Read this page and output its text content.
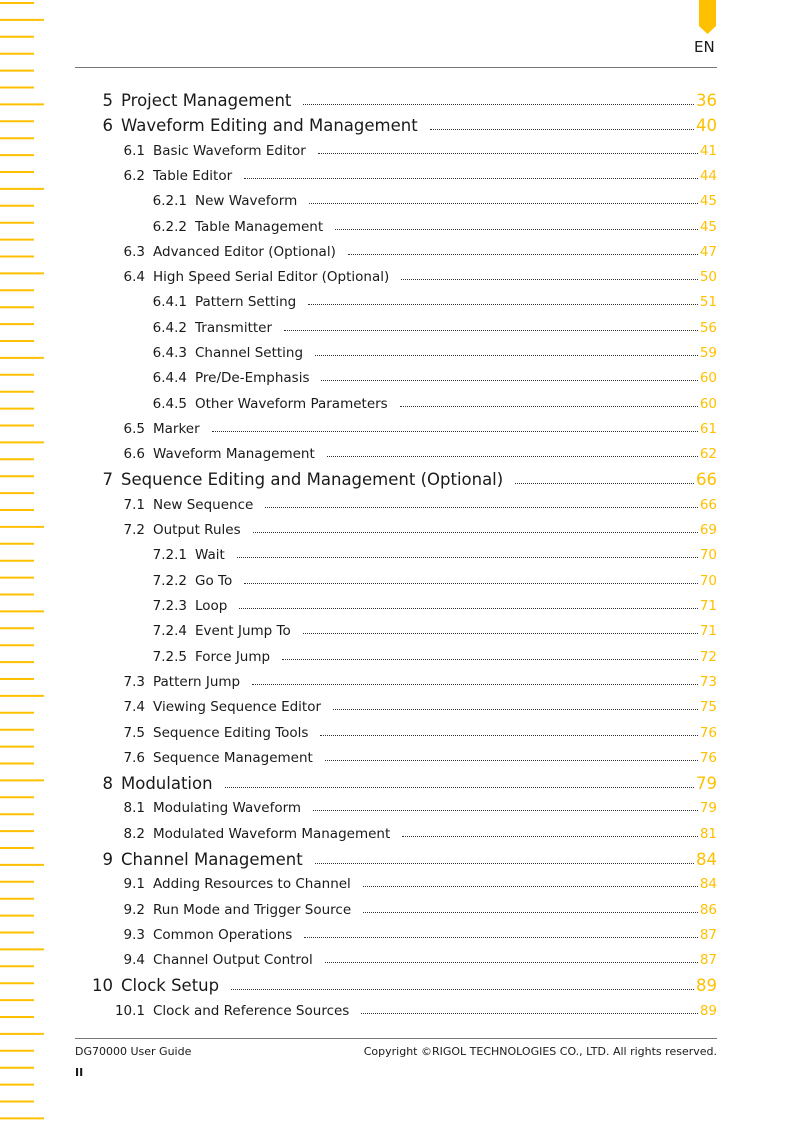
EN
5 Project Management	36
6 Waveform Editing and Management	40
6.1 Basic Waveform Editor	41
6.2 Table Editor	44
6.2.1 New Waveform	45
6.2.2 Table Management	45
6.3 Advanced Editor (Optional)	47
6.4 High Speed Serial Editor (Optional)	50
6.4.1 Pattern Setting	51
6.4.2 Transmitter	56
6.4.3 Channel Setting	59
6.4.4 Pre/De-Emphasis	60
6.4.5 Other Waveform Parameters	60
6.5 Marker	61
6.6 Waveform Management	62
7 Sequence Editing and Management (Optional)	66
7.1 New Sequence	66
7.2 Output Rules	69
7.2.1 Wait	70
7.2.2 Go To	70
7.2.3 Loop	71
7.2.4 Event Jump To	71
7.2.5 Force Jump	72
7.3 Pattern Jump	73
7.4 Viewing Sequence Editor	75
7.5 Sequence Editing Tools	76
7.6 Sequence Management	76
8 Modulation	79
8.1 Modulating Waveform	79
8.2 Modulated Waveform Management	81
9 Channel Management	84
9.1 Adding Resources to Channel	84
9.2 Run Mode and Trigger Source	86
9.3 Common Operations	87
9.4 Channel Output Control	87
10 Clock Setup	89
10.1 Clock and Reference Sources	89
DG70000 User Guide	Copyright ©RIGOL TECHNOLOGIES CO., LTD. All rights reserved.
II
